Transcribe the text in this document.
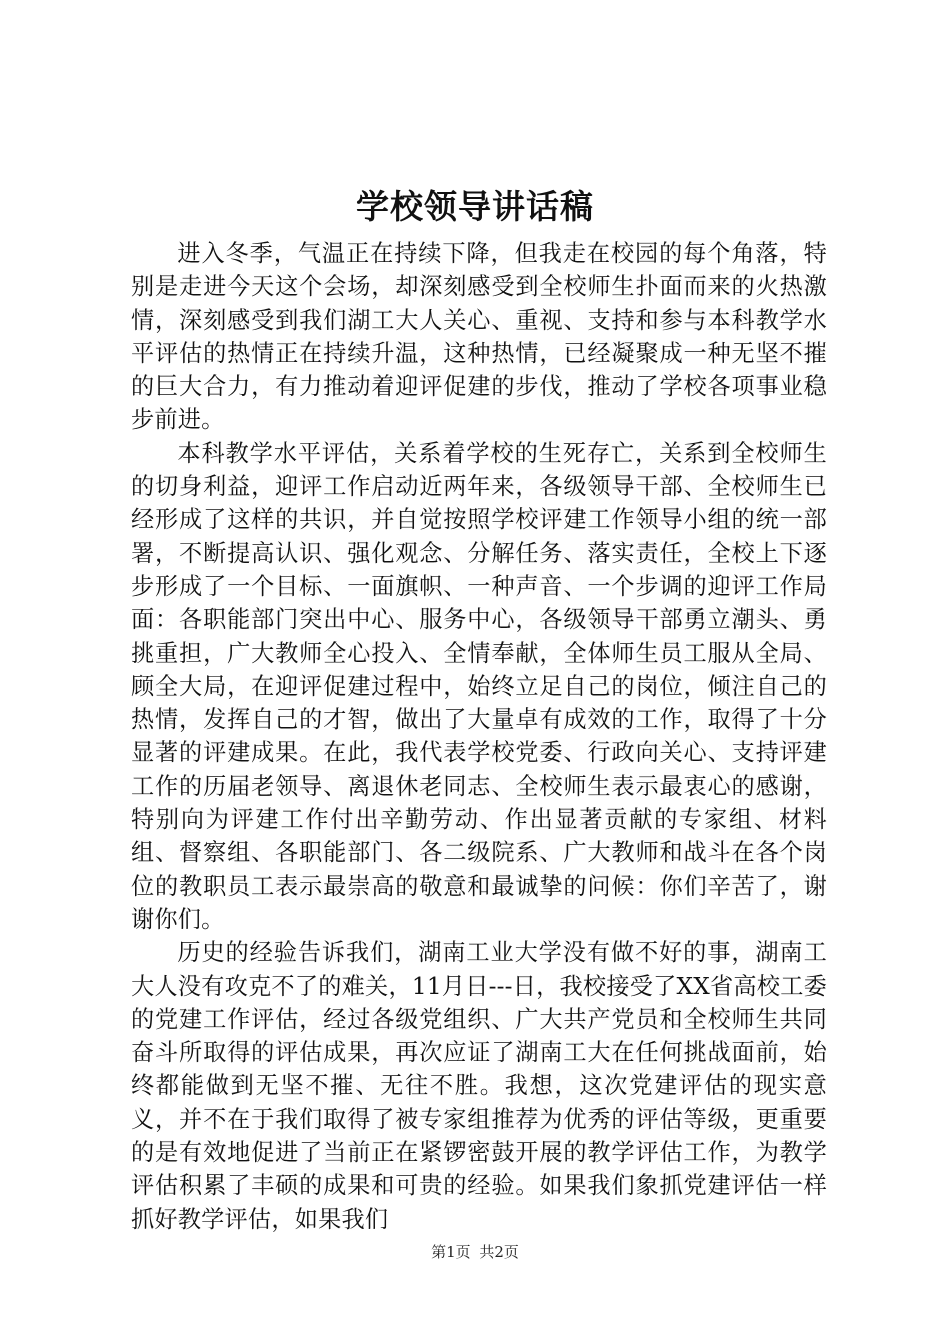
学校领导讲话稿

进入冬季，气温正在持续下降，但我走在校园的每个角落，特别是走进今天这个会场，却深刻感受到全校师生扑面而来的火热激情，深刻感受到我们湖工大人关心、重视、支持和参与本科教学水平评估的热情正在持续升温，这种热情，已经凝聚成一种无坚不摧的巨大合力，有力推动着迎评促建的步伐，推动了学校各项事业稳步前进。

本科教学水平评估，关系着学校的生死存亡，关系到全校师生的切身利益，迎评工作启动近两年来，各级领导干部、全校师生已经形成了这样的共识，并自觉按照学校评建工作领导小组的统一部署，不断提高认识、强化观念、分解任务、落实责任，全校上下逐步形成了一个目标、一面旗帜、一种声音、一个步调的迎评工作局面：各职能部门突出中心、服务中心，各级领导干部勇立潮头、勇挑重担，广大教师全心投入、全情奉献，全体师生员工服从全局、顾全大局，在迎评促建过程中，始终立足自己的岗位，倾注自己的热情，发挥自己的才智，做出了大量卓有成效的工作，取得了十分显著的评建成果。在此，我代表学校党委、行政向关心、支持评建工作的历届老领导、离退休老同志、全校师生表示最衷心的感谢，特别向为评建工作付出辛勤劳动、作出显著贡献的专家组、材料组、督察组、各职能部门、各二级院系、广大教师和战斗在各个岗位的教职员工表示最崇高的敬意和最诚挚的问候：你们辛苦了，谢谢你们。

历史的经验告诉我们，湖南工业大学没有做不好的事，湖南工大人没有攻克不了的难关，11月日---日，我校接受了XX省高校工委的党建工作评估，经过各级党组织、广大共产党员和全校师生共同奋斗所取得的评估成果，再次应证了湖南工大在任何挑战面前，始终都能做到无坚不摧、无往不胜。我想，这次党建评估的现实意义，并不在于我们取得了被专家组推荐为优秀的评估等级，更重要的是有效地促进了当前正在紧锣密鼓开展的教学评估工作，为教学评估积累了丰硕的成果和可贵的经验。如果我们象抓党建评估一样抓好教学评估，如果我们

第1页 共2页
